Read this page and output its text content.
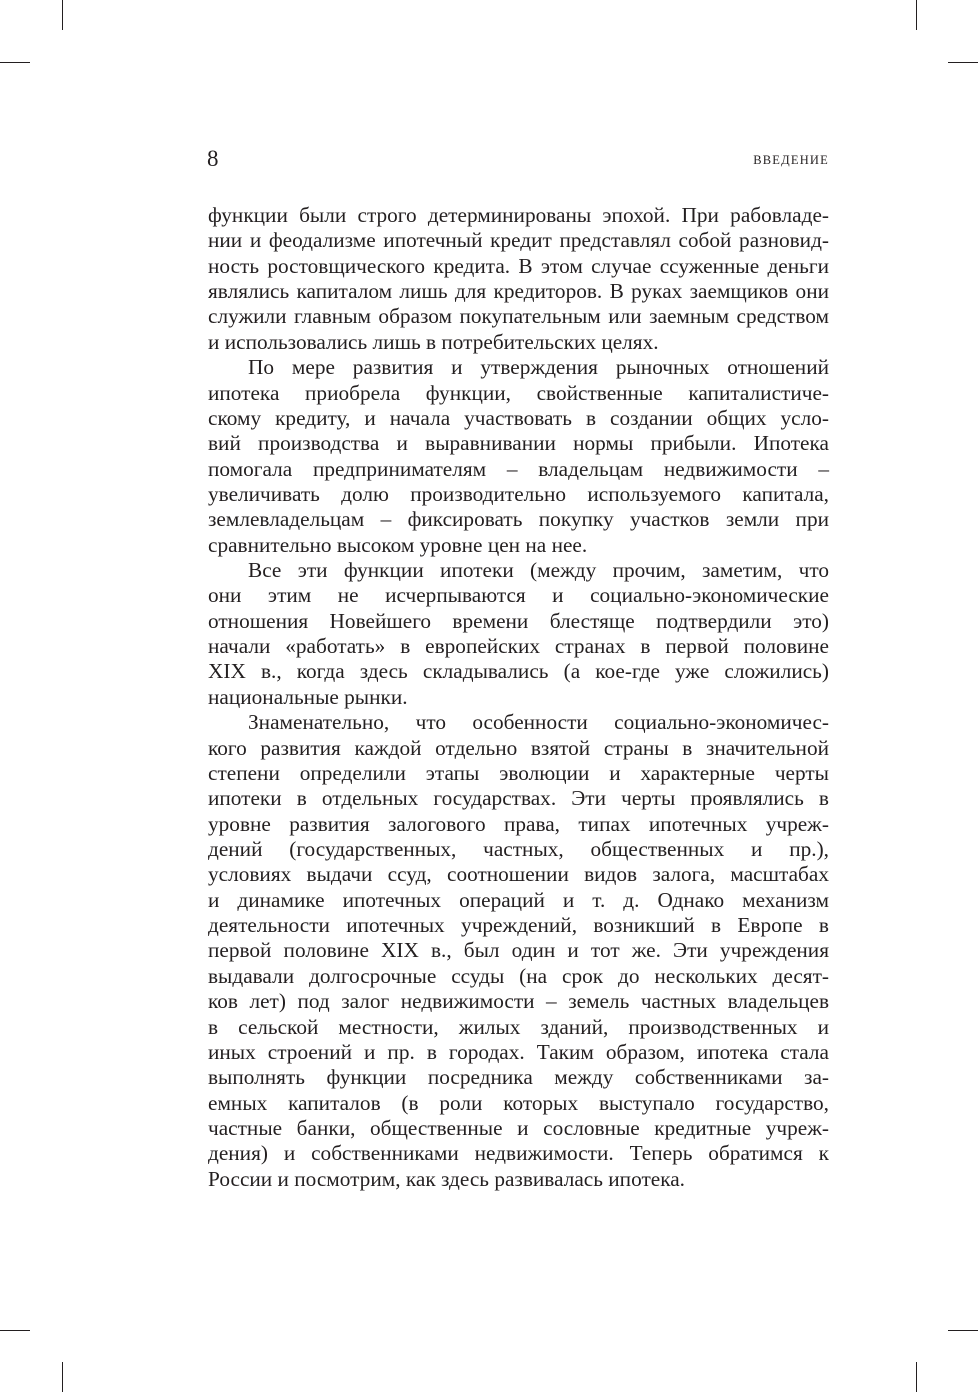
8	ВВЕДЕНИЕ
функции были строго детерминированы эпохой. При рабовладе-
нии и феодализме ипотечный кредит представлял собой разновид-
ность ростовщического кредита. В этом случае ссуженные деньги
являлись капиталом лишь для кредиторов. В руках заемщиков они
служили главным образом покупательным или заемным средством
и использовались лишь в потребительских целях.
По мере развития и утверждения рыночных отношений
ипотека приобрела функции, свойственные капиталистиче-
скому кредиту, и начала участвовать в создании общих усло-
вий производства и выравнивании нормы прибыли. Ипотека
помогала предпринимателям – владельцам недвижимости –
увеличивать долю производительно используемого капитала,
землевладельцам – фиксировать покупку участков земли при
сравнительно высоком уровне цен на нее.
Все эти функции ипотеки (между прочим, заметим, что
они этим не исчерпываются и социально-экономические
отношения Новейшего времени блестяще подтвердили это)
начали «работать» в европейских странах в первой половине
XIX в., когда здесь складывались (а кое-где уже сложились)
национальные рынки.
Знаменательно, что особенности социально-экономичес-
кого развития каждой отдельно взятой страны в значительной
степени определили этапы эволюции и характерные черты
ипотеки в отдельных государствах. Эти черты проявлялись в
уровне развития залогового права, типах ипотечных учреж-
дений (государственных, частных, общественных и пр.),
условиях выдачи ссуд, соотношении видов залога, масштабах
и динамике ипотечных операций и т. д. Однако механизм
деятельности ипотечных учреждений, возникший в Европе в
первой половине XIX в., был один и тот же. Эти учреждения
выдавали долгосрочные ссуды (на срок до нескольких десят-
ков лет) под залог недвижимости – земель частных владельцев
в сельской местности, жилых зданий, производственных и
иных строений и пр. в городах. Таким образом, ипотека стала
выполнять функции посредника между собственниками за-
емных капиталов (в роли которых выступало государство,
частные банки, общественные и сословные кредитные учреж-
дения) и собственниками недвижимости. Теперь обратимся к
России и посмотрим, как здесь развивалась ипотека.
